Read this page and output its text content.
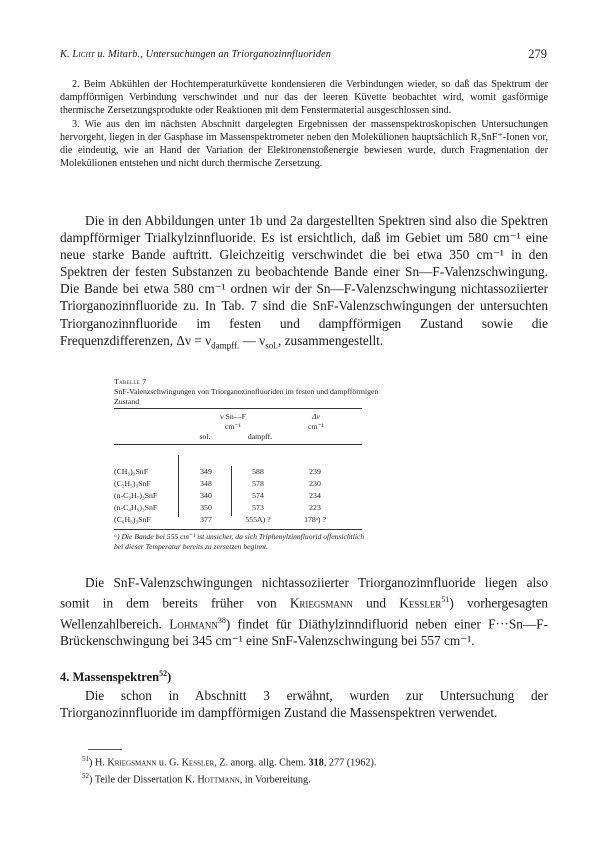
K. Licht u. Mitarb., Untersuchungen an Triorganozinnfluoriden	279

2. Beim Abkühlen der Hochtemperaturküvette kondensieren die Verbindungen wieder, so daß das Spektrum der dampfförmigen Verbindung verschwindet und nur das der leeren Küvette beobachtet wird, womit gasförmige thermische Zersetzungsprodukte oder Reaktionen mit dem Fenstermaterial ausgeschlossen sind.

3. Wie aus den im nächsten Abschnitt dargelegten Ergebnissen der massenspektroskopischen Untersuchungen hervorgeht, liegen in der Gasphase im Massenspektrometer neben den Molekülionen hauptsächlich R₂SnF⁺-Ionen vor, die eindeutig, wie an Hand der Variation der Elektronenstoßenergie bewiesen wurde, durch Fragmentation der Molekülionen entstehen und nicht durch thermische Zersetzung.

Die in den Abbildungen unter 1b und 2a dargestellten Spektren sind also die Spektren dampfförmiger Trialkylzinnfluoride. Es ist ersichtlich, daß im Gebiet um 580 cm⁻¹ eine neue starke Bande auftritt. Gleichzeitig verschwindet die bei etwa 350 cm⁻¹ in den Spektren der festen Substanzen zu beobachtende Bande einer Sn—F-Valenzschwingung. Die Bande bei etwa 580 cm⁻¹ ordnen wir der Sn—F-Valenzschwingung nichtassoziierter Triorganozinnfluoride zu. In Tab. 7 sind die SnF-Valenzschwingungen der untersuchten Triorganozinnfluoride im festen und dampfförmigen Zustand sowie die Frequenzdifferenzen, $\Delta\nu = \nu_{dampff.}$ — $\nu_{sol.}$, zusammengestellt.

Tabelle 7

SnF-Valenzschwingungen von Triorganozinnfluoriden im festen und dampfförmigen Zustand

ν Sn—F
cm⁻¹
Δν
cm⁻¹
sol.	dampff.
(CH₃)₃SnF	349	588	239
(C₂H₅)₃SnF	348	578	230
(n-C₃H₇)₃SnF	340	574	234
(n-C₄H₉)₃SnF	350	573	223
(C₆H₅)₃SnF	377	555A) ?	178ᵃ) ?
ᵃ) Die Bande bei 555 cm⁻¹ ist unsicher, da sich Triphenylzinnfluorid offensichtlich bei dieser Temperatur bereits zu zersetzen beginnt.

Die SnF-Valenzschwingungen nichtassoziierter Triorganozinnfluoride liegen also somit in dem bereits früher von Kriegsmann und Kessler$^{51}$) vorhergesagten Wellenzahlbereich. Lohmann$^{38}$) findet für Diäthylzinndifluorid neben einer F···Sn—F-Brückenschwingung bei 345 cm⁻¹ eine SnF-Valenzschwingung bei 557 cm⁻¹.

4. Massenspektren$^{52}$)

Die schon in Abschnitt 3 erwähnt, wurden zur Untersuchung der Triorganozinnfluoride im dampfförmigen Zustand die Massenspektren verwendet.

$^{51}$) H. Kriegsmann u. G. Kessler, Z. anorg. allg. Chem. 318, 277 (1962).

$^{52}$) Teile der Dissertation K. Hottmann, in Vorbereitung.
